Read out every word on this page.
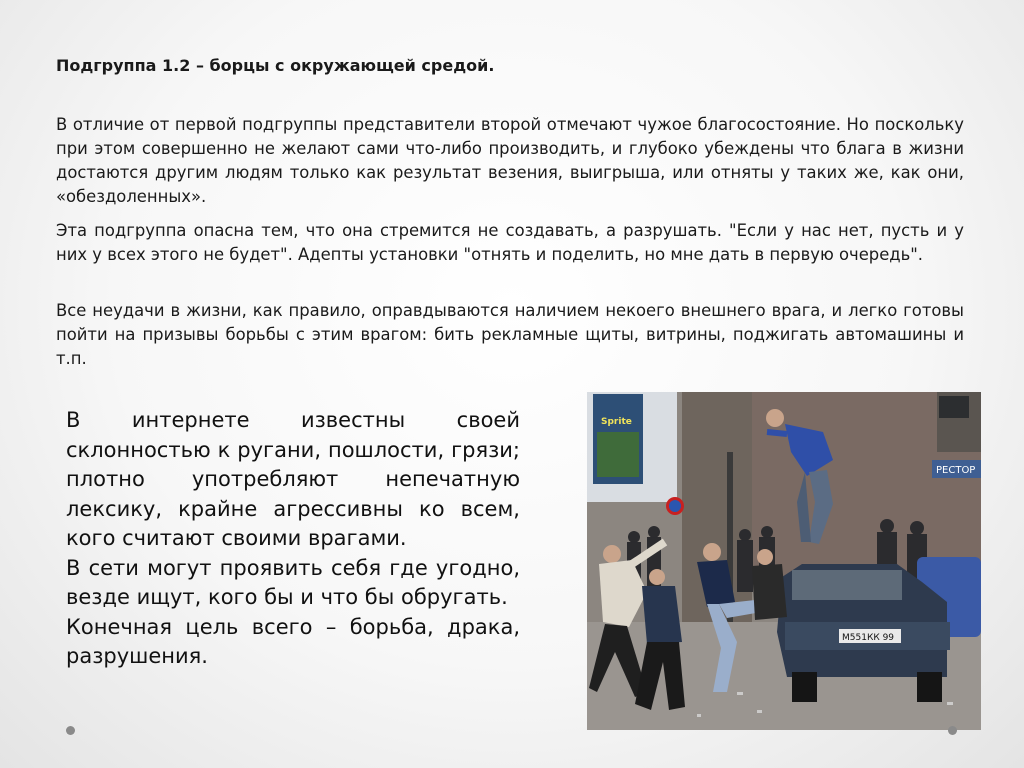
Подгруппа 1.2 – борцы с окружающей средой.
В отличие от первой подгруппы представители второй отмечают чужое благосостояние. Но поскольку при этом совершенно не желают сами что-либо производить, и глубоко убеждены что блага в жизни достаются другим людям только как результат везения, выигрыша, или отняты у таких же, как они, «обездоленных».
Эта подгруппа опасна тем, что она стремится не создавать, а разрушать. "Если у нас нет, пусть и у них у всех этого не будет". Адепты установки "отнять и поделить, но мне дать в первую очередь".
Все неудачи в жизни, как правило, оправдываются наличием некоего внешнего врага, и легко готовы пойти на призывы борьбы с этим врагом: бить рекламные щиты, витрины, поджигать автомашины и т.п.

В интернете известны своей склонностью к ругани, пошлости, грязи; плотно употребляют непечатную лексику, крайне агрессивны ко всем, кого считают своими врагами.

В сети могут проявить себя где угодно, везде ищут, кого бы и что бы обругать.

Конечная цель всего – борьба, драка, разрушения.

РЕСТОР
Sprite
М551КК 99
